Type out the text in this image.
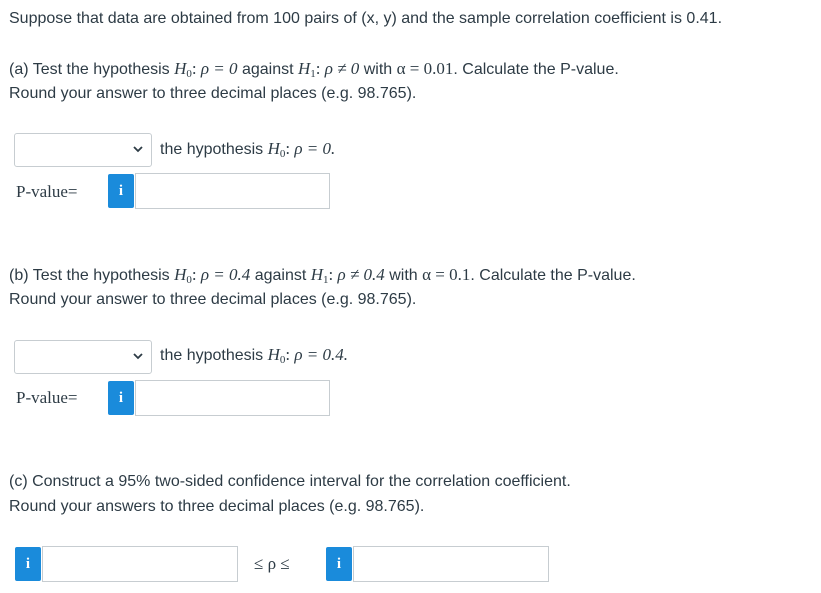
Suppose that data are obtained from 100 pairs of (x, y) and the sample correlation coefficient is 0.41.
(a) Test the hypothesis $H_0$: ρ = 0 against $H_1$: ρ ≠ 0 with α = 0.01. Calculate the P-value.
Round your answer to three decimal places (e.g. 98.765).
the hypothesis $H_0$: ρ = 0.
P-value=	i
(b) Test the hypothesis $H_0$: ρ = 0.4 against $H_1$: ρ ≠ 0.4 with α = 0.1. Calculate the P-value.
Round your answer to three decimal places (e.g. 98.765).
the hypothesis $H_0$: ρ = 0.4.
P-value=	i
(c) Construct a 95% two-sided confidence interval for the correlation coefficient.
Round your answers to three decimal places (e.g. 98.765).
i	≤ ρ ≤	i
